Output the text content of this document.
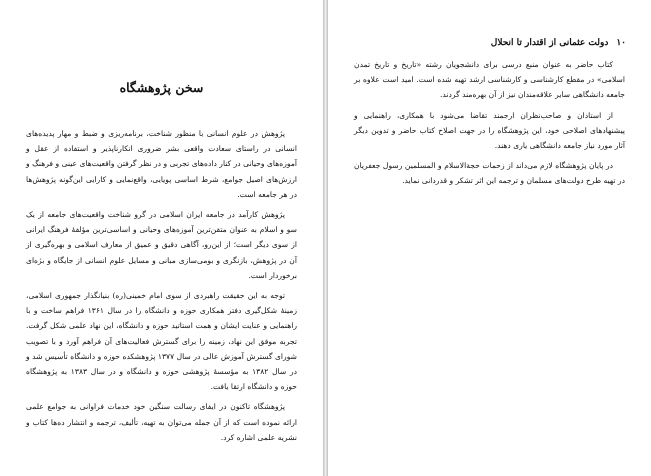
سخن پژوهشگاه

پژوهش در علوم انسانی با منظور شناخت، برنامه‌ریزی و ضبط و مهار پدیده‌های انسانی در راستای سعادت واقعی بشر ضروری انکارناپذیر و استفاده از عقل و آموزه‌های وحیانی در کنار داده‌های تجربی و در نظر گرفتن واقعیت‌های عینی و فرهنگ و ارزش‌های اصیل جوامع، شرط اساسی پویایی، واقع‌نمایی و کارایی این‌گونه پژوهش‌ها در هر جامعه است.

پژوهش کارآمد در جامعه ایران اسلامی در گرو شناخت واقعیت‌های جامعه از یک سو و اسلام به عنوان متقن‌ترین آموزه‌های وحیانی و اساسی‌ترین مؤلفهٔ فرهنگ ایرانی از سوی دیگر است؛ از این‌رو، آگاهی دقیق و عمیق از معارف اسلامی و بهره‌گیری از آن در پژوهش، بازنگری و بومی‌سازی مبانی و مسایل علوم انسانی از جایگاه و بژه‌ای برخوردار است.

توجه به این حقیقت راهبردی از سوی امام خمینی(ره) بنیانگذار جمهوری اسلامی، زمینهٔ شکل‌گیری دفتر همکاری حوزه و دانشگاه را در سال ۱۳۶۱ فراهم ساخت و با راهنمایی و عنایت ایشان و همت استاتید حوزه و دانشگاه، این نهاد علمی شکل گرفت. تجربه موفق این نهاد، زمینه را برای گسترش فعالیت‌های آن فراهم آورد و با تصویب شورای گسترش آموزش عالی در سال ۱۳۷۷ پژوهشکده حوزه و دانشگاه تأسیس شد و در سال ۱۳۸۲ به مؤسسهٔ پژوهشی حوزه و دانشگاه و در سال ۱۳۸۳ به پژوهشگاه حوزه و دانشگاه ارتقا یافت.

پژوهشگاه تاکنون در ایفای رسالت سنگین خود خدمات فراوانی به جوامع علمی ارائه نموده است که از آن جمله می‌توان به تهیه، تألیف، ترجمه و انتشار ده‌ها کتاب و نشریه علمی اشاره کرد.

۱۰دولت عثمانی از اقتدار تا انحلال

کتاب حاضر به عنوان منبع درسی برای دانشجویان رشته «تاریخ و تاریخ تمدن اسلامی» در مقطع کارشناسی و کارشناسی ارشد تهیه شده است. امید است علاوه بر جامعه دانشگاهی سایر علاقه‌مندان نیز از آن بهره‌مند گردند.

از استادان و صاحب‌نظران ارجمند تقاضا می‌شود با همکاری، راهنمایی و پیشنهادهای اصلاحی خود، این پژوهشگاه را در جهت اصلاح کتاب حاضر و تدوین دیگر آثار مورد نیاز جامعه دانشگاهی یاری دهند.

در پایان پژوهشگاه لازم می‌داند از زحمات حجةالاسلام و المسلمین رسول جعفریان در تهیه طرح دولت‌های مسلمان و ترجمه این اثر تشکر و قدردانی نماید.
